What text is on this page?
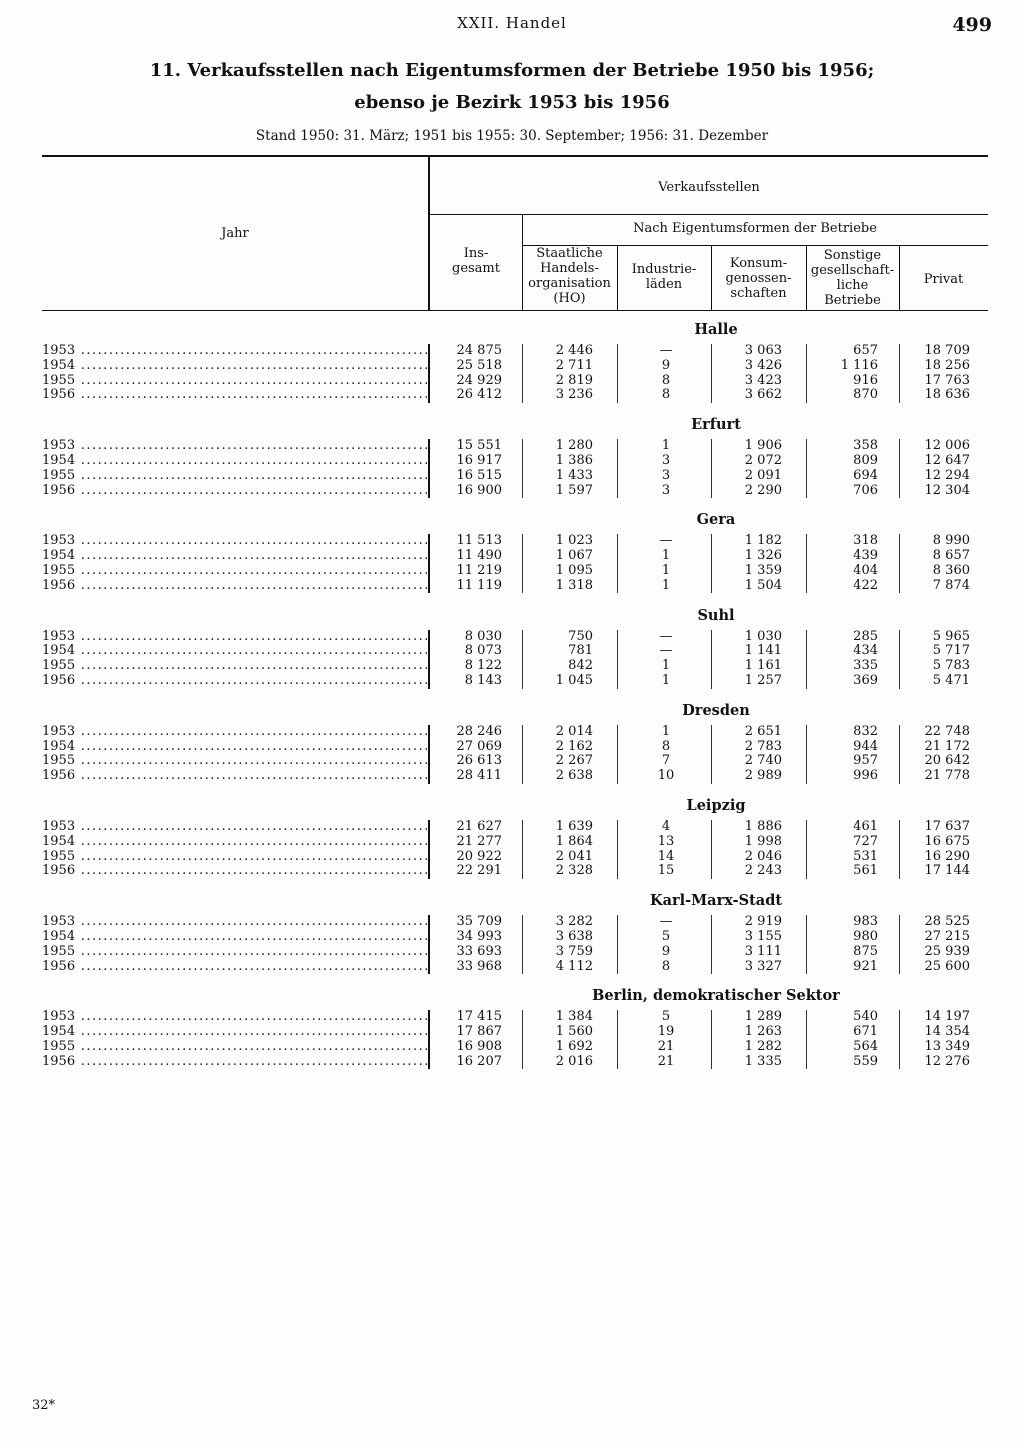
XXII. Handel	499
11. Verkaufsstellen nach Eigentumsformen der Betriebe 1950 bis 1956;
ebenso je Bezirk 1953 bis 1956
Stand 1950: 31. März; 1951 bis 1955: 30. September; 1956: 31. Dezember
Jahr
Verkaufsstellen
Nach Eigentumsformen der Betriebe
Ins-
gesamt
Staatliche
Handels-
organisation
(HO)
Industrie-
läden
Konsum-
genossen-
schaften
Sonstige
gesellschaft-
liche
Betriebe
Privat
Halle
1953 .....	24 875	2 446	—	3 063	657	18 709
1954 .....	25 518	2 711	9	3 426	1 116	18 256
1955 .....	24 929	2 819	8	3 423	916	17 763
1956 .....	26 412	3 236	8	3 662	870	18 636
Erfurt
1953 .....	15 551	1 280	1	1 906	358	12 006
1954 .....	16 917	1 386	3	2 072	809	12 647
1955 .....	16 515	1 433	3	2 091	694	12 294
1956 .....	16 900	1 597	3	2 290	706	12 304
Gera
1953 .....	11 513	1 023	—	1 182	318	8 990
1954 .....	11 490	1 067	1	1 326	439	8 657
1955 .....	11 219	1 095	1	1 359	404	8 360
1956 .....	11 119	1 318	1	1 504	422	7 874
Suhl
1953 .....	8 030	750	—	1 030	285	5 965
1954 .....	8 073	781	—	1 141	434	5 717
1955 .....	8 122	842	1	1 161	335	5 783
1956 .....	8 143	1 045	1	1 257	369	5 471
Dresden
1953 .....	28 246	2 014	1	2 651	832	22 748
1954 .....	27 069	2 162	8	2 783	944	21 172
1955 .....	26 613	2 267	7	2 740	957	20 642
1956 .....	28 411	2 638	10	2 989	996	21 778
Leipzig
1953 .....	21 627	1 639	4	1 886	461	17 637
1954 .....	21 277	1 864	13	1 998	727	16 675
1955 .....	20 922	2 041	14	2 046	531	16 290
1956 .....	22 291	2 328	15	2 243	561	17 144
Karl-Marx-Stadt
1953 .....	35 709	3 282	—	2 919	983	28 525
1954 .....	34 993	3 638	5	3 155	980	27 215
1955 .....	33 693	3 759	9	3 111	875	25 939
1956 .....	33 968	4 112	8	3 327	921	25 600
Berlin, demokratischer Sektor
1953 .....	17 415	1 384	5	1 289	540	14 197
1954 .....	17 867	1 560	19	1 263	671	14 354
1955 .....	16 908	1 692	21	1 282	564	13 349
1956 .....	16 207	2 016	21	1 335	559	12 276
32*
